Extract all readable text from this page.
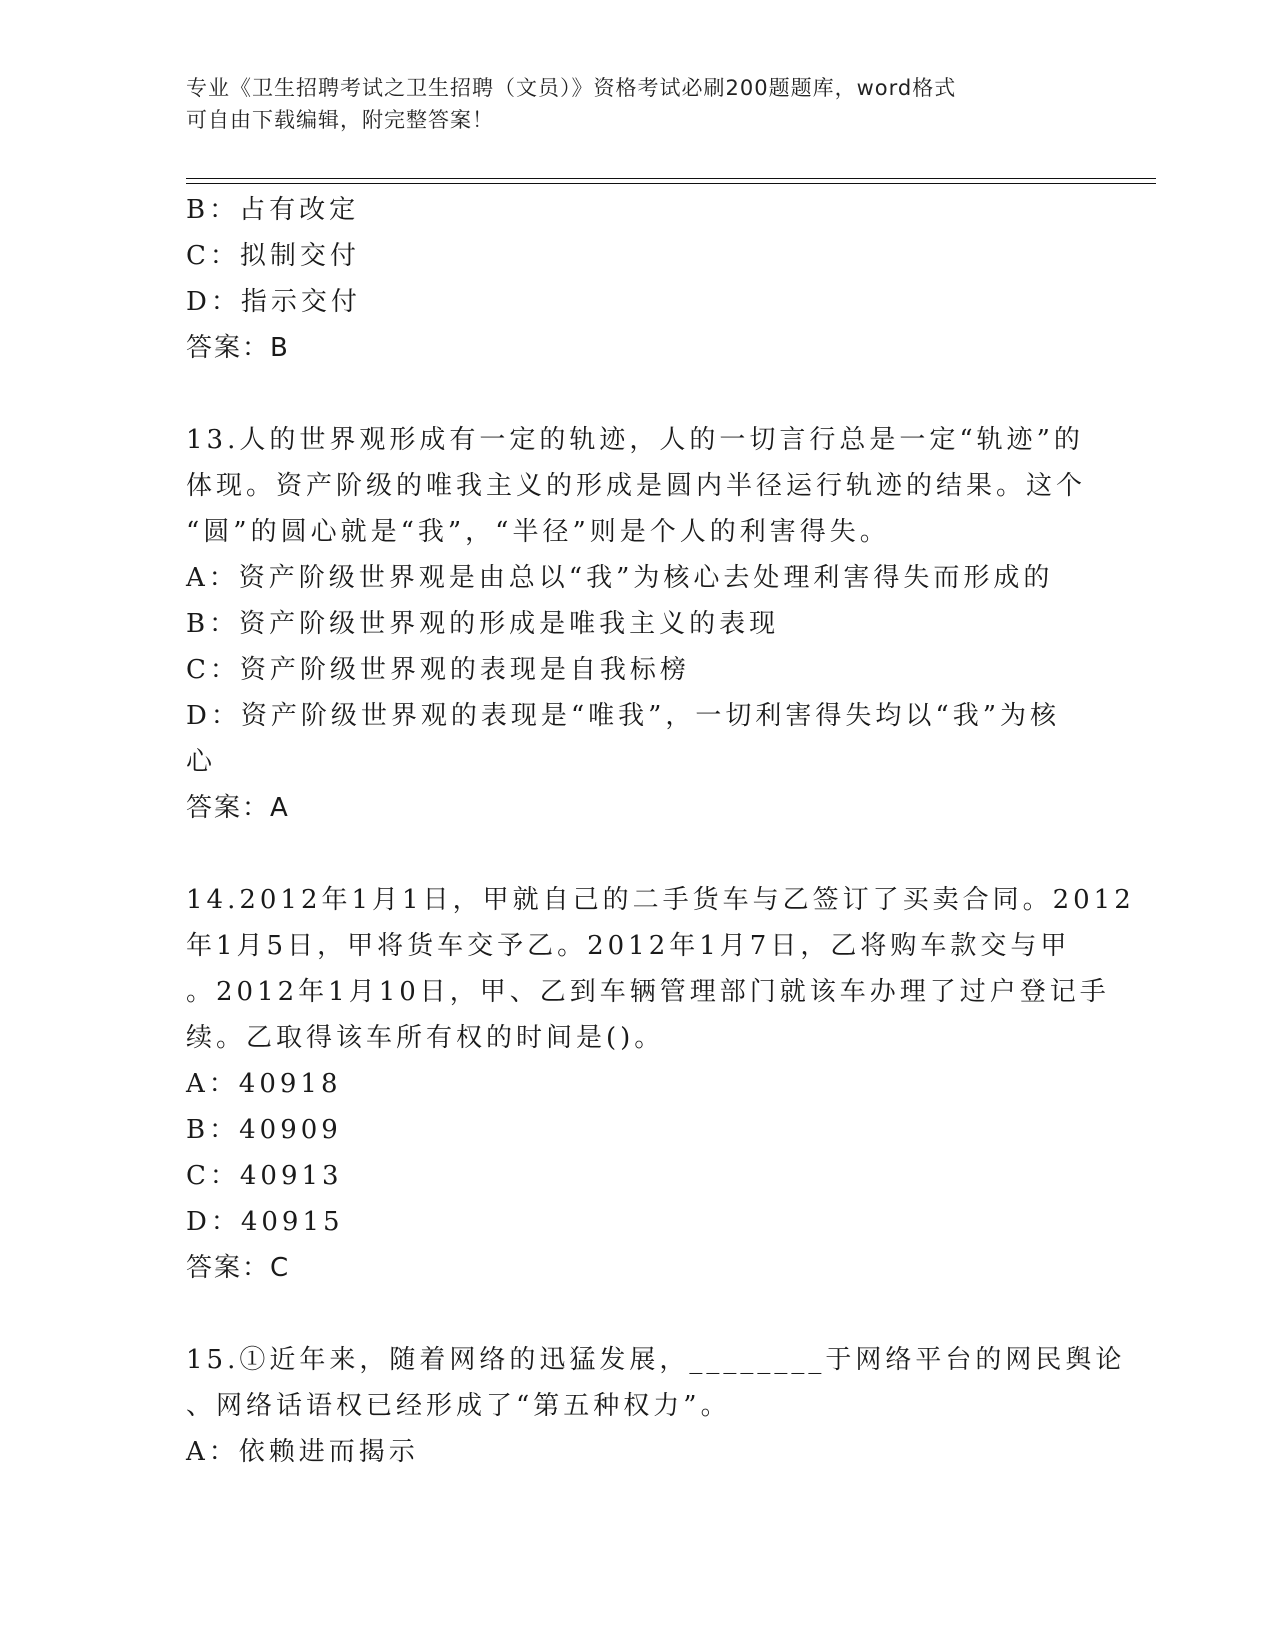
专业《卫生招聘考试之卫生招聘（文员）》资格考试必刷200题题库，word格式
可自由下载编辑，附完整答案！
B：占有改定
C：拟制交付
D：指示交付
答案：B
13.人的世界观形成有一定的轨迹，人的一切言行总是一定“轨迹”的
体现。资产阶级的唯我主义的形成是圆内半径运行轨迹的结果。这个
“圆”的圆心就是“我”，“半径”则是个人的利害得失。
A：资产阶级世界观是由总以“我”为核心去处理利害得失而形成的
B：资产阶级世界观的形成是唯我主义的表现
C：资产阶级世界观的表现是自我标榜
D：资产阶级世界观的表现是“唯我”，一切利害得失均以“我”为核
心
答案：A
14.2012年1月1日，甲就自己的二手货车与乙签订了买卖合同。2012
年1月5日，甲将货车交予乙。2012年1月7日，乙将购车款交与甲
。2012年1月10日，甲、乙到车辆管理部门就该车办理了过户登记手
续。乙取得该车所有权的时间是()。
A：40918
B：40909
C：40913
D：40915
答案：C
15.①近年来，随着网络的迅猛发展，________于网络平台的网民舆论
、网络话语权已经形成了“第五种权力”。
A：依赖进而揭示
